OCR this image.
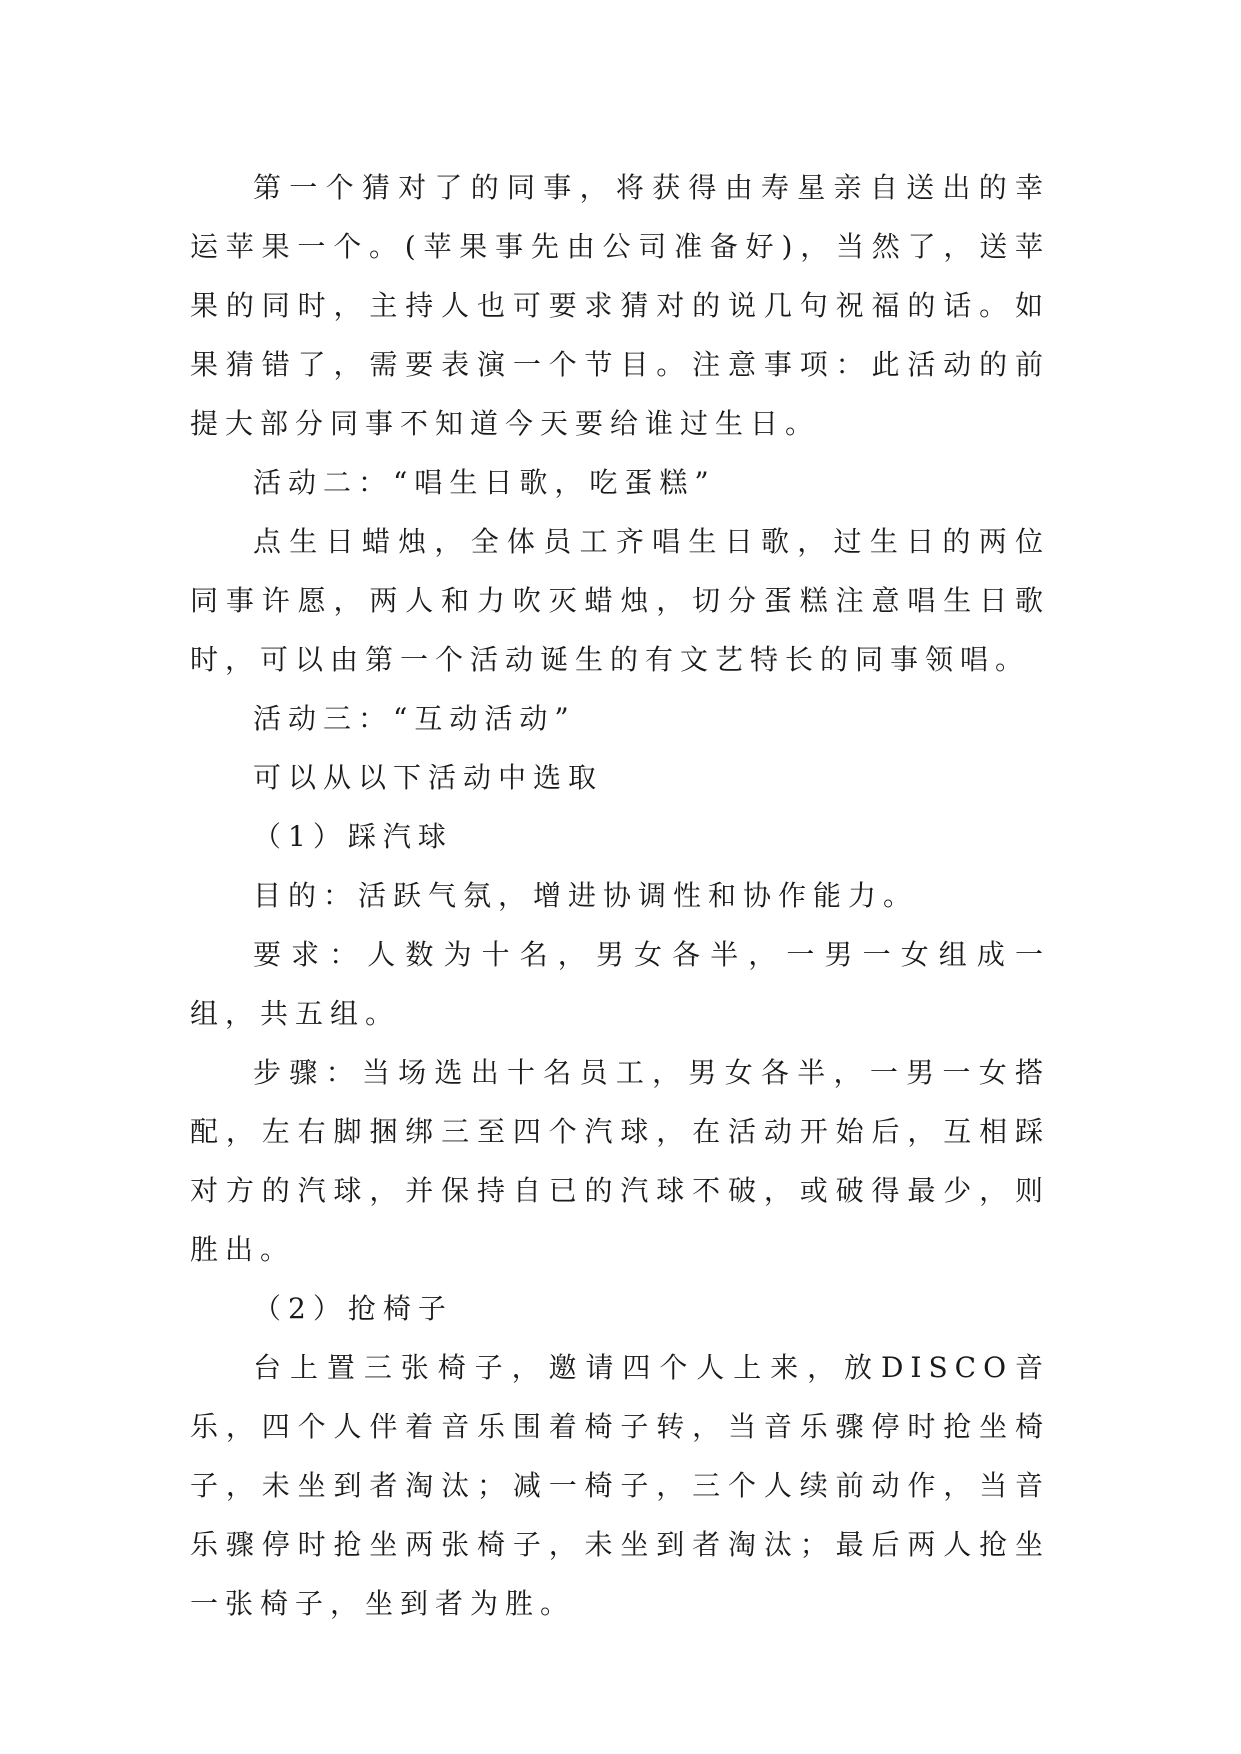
第一个猜对了的同事，将获得由寿星亲自送出的幸运苹果一个。(苹果事先由公司准备好)，当然了，送苹果的同时，主持人也可要求猜对的说几句祝福的话。如果猜错了，需要表演一个节目。注意事项：此活动的前提大部分同事不知道今天要给谁过生日。

活动二：“唱生日歌，吃蛋糕”

点生日蜡烛，全体员工齐唱生日歌，过生日的两位同事许愿，两人和力吹灭蜡烛，切分蛋糕注意唱生日歌时，可以由第一个活动诞生的有文艺特长的同事领唱。

活动三：“互动活动”

可以从以下活动中选取

（1）踩汽球

目的：活跃气氛，增进协调性和协作能力。

要求：人数为十名，男女各半，一男一女组成一组，共五组。

步骤：当场选出十名员工，男女各半，一男一女搭配，左右脚捆绑三至四个汽球，在活动开始后，互相踩对方的汽球，并保持自已的汽球不破，或破得最少，则胜出。

（2）抢椅子

台上置三张椅子，邀请四个人上来，放DISCO音乐，四个人伴着音乐围着椅子转，当音乐骤停时抢坐椅子，未坐到者淘汰；减一椅子，三个人续前动作，当音乐骤停时抢坐两张椅子，未坐到者淘汰；最后两人抢坐一张椅子，坐到者为胜。
